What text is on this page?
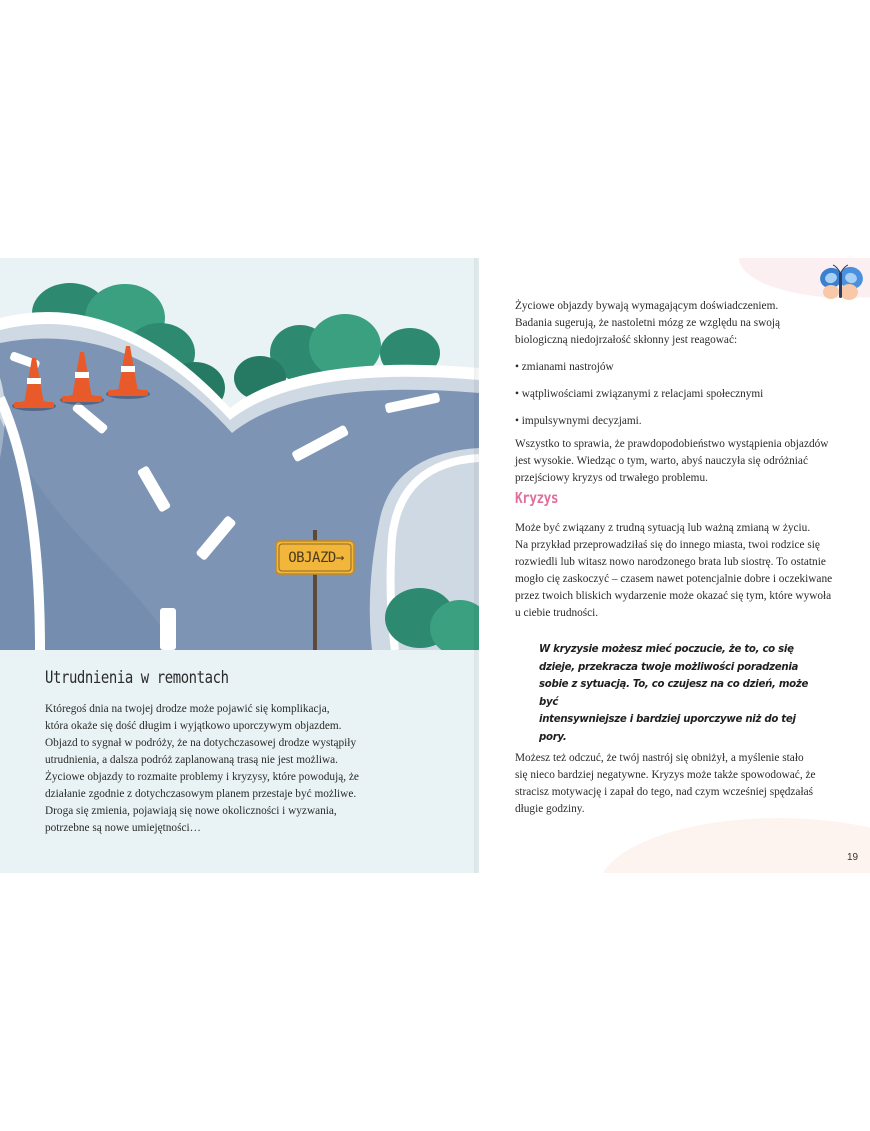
OBJAZD →
Utrudnienia w remontach

Któregoś dnia na twojej drodze może pojawić się komplikacja,

która okaże się dość długim i wyjątkowo uporczywym objazdem.

Objazd to sygnał w podróży, że na dotychczasowej drodze wystąpiły

utrudnienia, a dalsza podróż zaplanowaną trasą nie jest możliwa.

Życiowe objazdy to rozmaite problemy i kryzysy, które powodują, że

działanie zgodnie z dotychczasowym planem przestaje być możliwe.

Droga się zmienia, pojawiają się nowe okoliczności i wyzwania,

potrzebne są nowe umiejętności…

Życiowe objazdy bywają wymagającym doświadczeniem.

Badania sugerują, że nastoletni mózg ze względu na swoją

biologiczną niedojrzałość skłonny jest reagować:

• zmianami nastrojów

• wątpliwościami związanymi z relacjami społecznymi

• impulsywnymi decyzjami.

Wszystko to sprawia, że prawdopodobieństwo wystąpienia objazdów

jest wysokie. Wiedząc o tym, warto, abyś nauczyła się odróżniać

przejściowy kryzys od trwałego problemu.

Kryzys

Może być związany z trudną sytuacją lub ważną zmianą w życiu.

Na przykład przeprowadziłaś się do innego miasta, twoi rodzice się

rozwiedli lub witasz nowo narodzonego brata lub siostrę. To ostatnie

mogło cię zaskoczyć – czasem nawet potencjalnie dobre i oczekiwane

przez twoich bliskich wydarzenie może okazać się tym, które wywoła

u ciebie trudności.

W kryzysie możesz mieć poczucie, że to, co się

dzieje, przekracza twoje możliwości poradzenia

sobie z sytuacją. To, co czujesz na co dzień, może być

intensywniejsze i bardziej uporczywe niż do tej pory.

Możesz też odczuć, że twój nastrój się obniżył, a myślenie stało

się nieco bardziej negatywne. Kryzys może także spowodować, że

stracisz motywację i zapał do tego, nad czym wcześniej spędzałaś

długie godziny.

19
